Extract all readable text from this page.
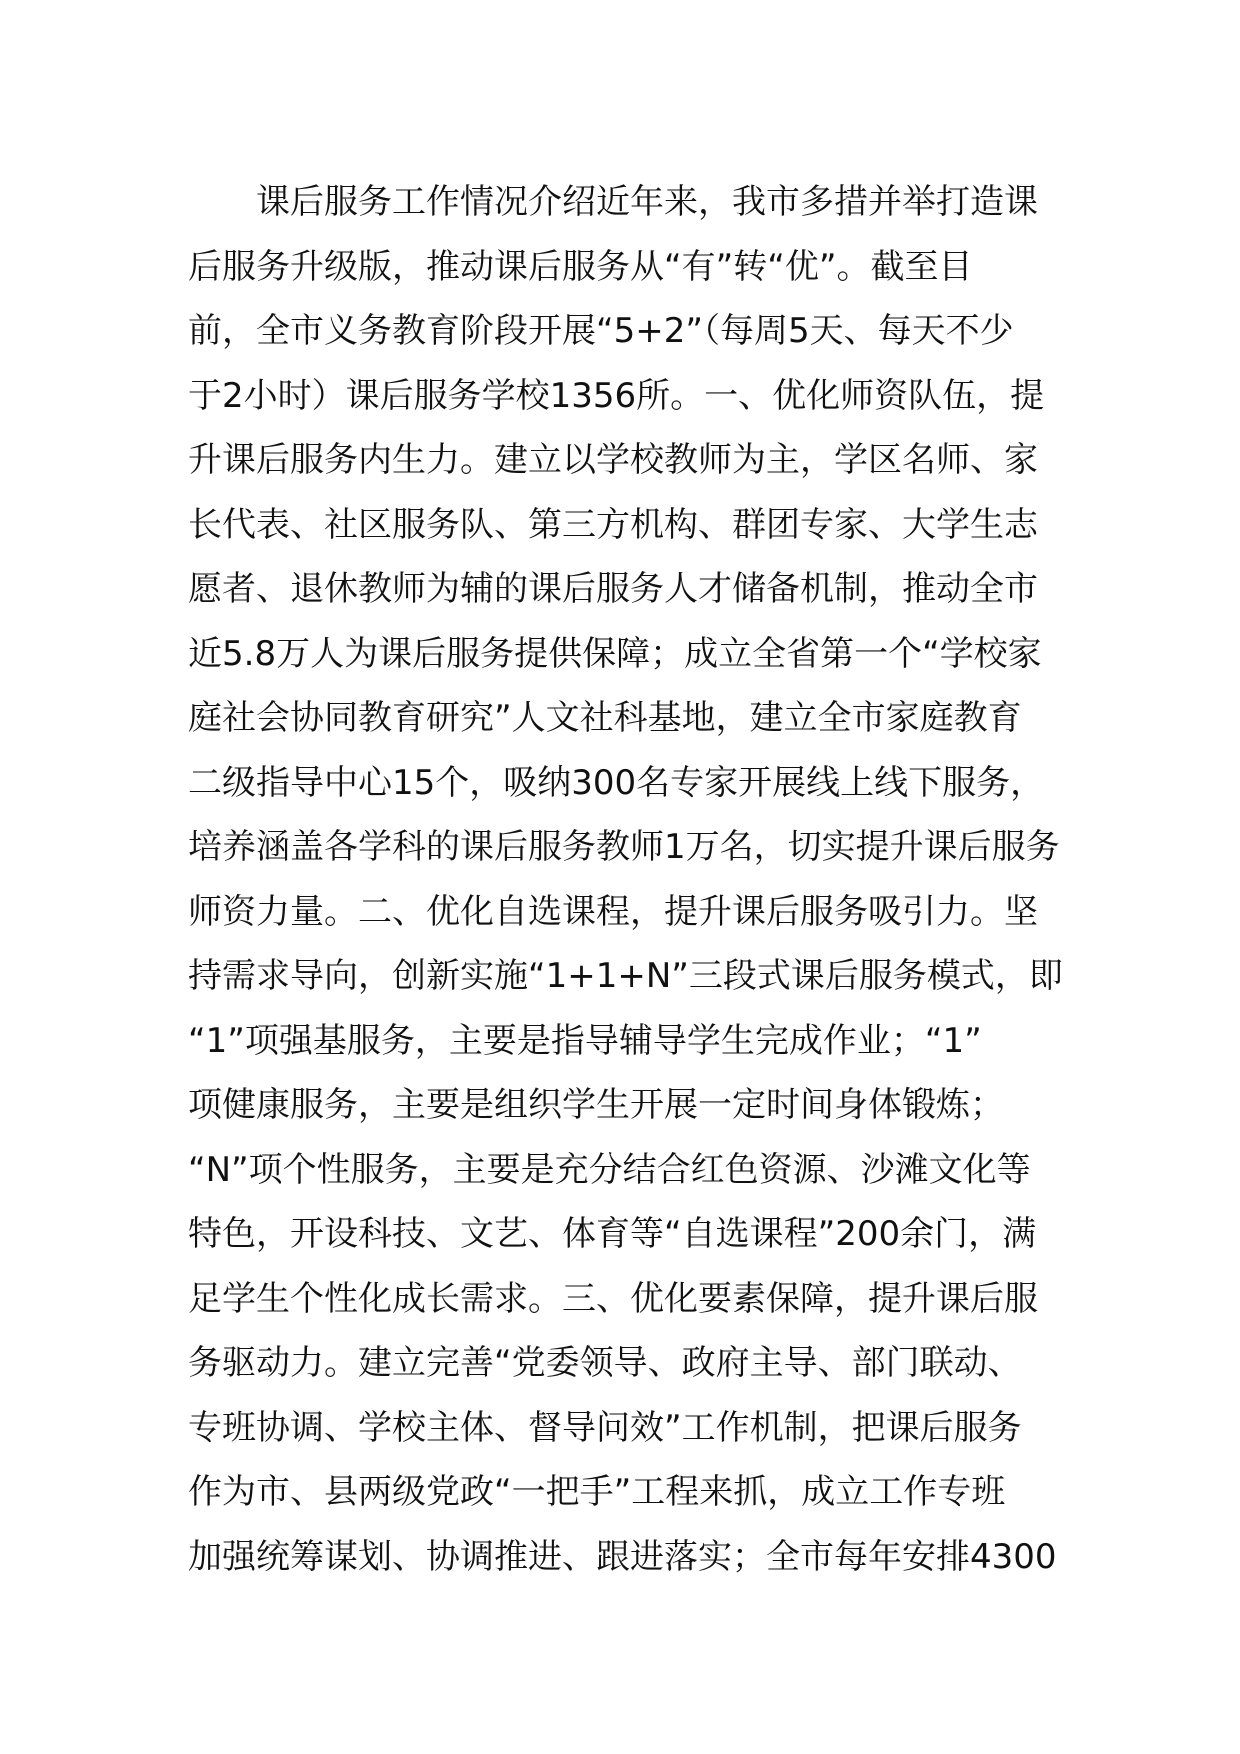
课后服务工作情况介绍近年来，我市多措并举打造课
后服务升级版，推动课后服务从“有”转“优”。截至目
前，全市义务教育阶段开展“5+2”（每周5天、每天不少
于2小时）课后服务学校1356所。一、优化师资队伍，提
升课后服务内生力。建立以学校教师为主，学区名师、家
长代表、社区服务队、第三方机构、群团专家、大学生志
愿者、退休教师为辅的课后服务人才储备机制，推动全市
近5.8万人为课后服务提供保障；成立全省第一个“学校家
庭社会协同教育研究”人文社科基地，建立全市家庭教育
二级指导中心15个，吸纳300名专家开展线上线下服务，
培养涵盖各学科的课后服务教师1万名，切实提升课后服务
师资力量。二、优化自选课程，提升课后服务吸引力。坚
持需求导向，创新实施“1+1+N”三段式课后服务模式，即
“1”项强基服务，主要是指导辅导学生完成作业；“1”
项健康服务，主要是组织学生开展一定时间身体锻炼；
“N”项个性服务，主要是充分结合红色资源、沙滩文化等
特色，开设科技、文艺、体育等“自选课程”200余门，满
足学生个性化成长需求。三、优化要素保障，提升课后服
务驱动力。建立完善“党委领导、政府主导、部门联动、
专班协调、学校主体、督导问效”工作机制，把课后服务
作为市、县两级党政“一把手”工程来抓，成立工作专班
加强统筹谋划、协调推进、跟进落实；全市每年安排4300
